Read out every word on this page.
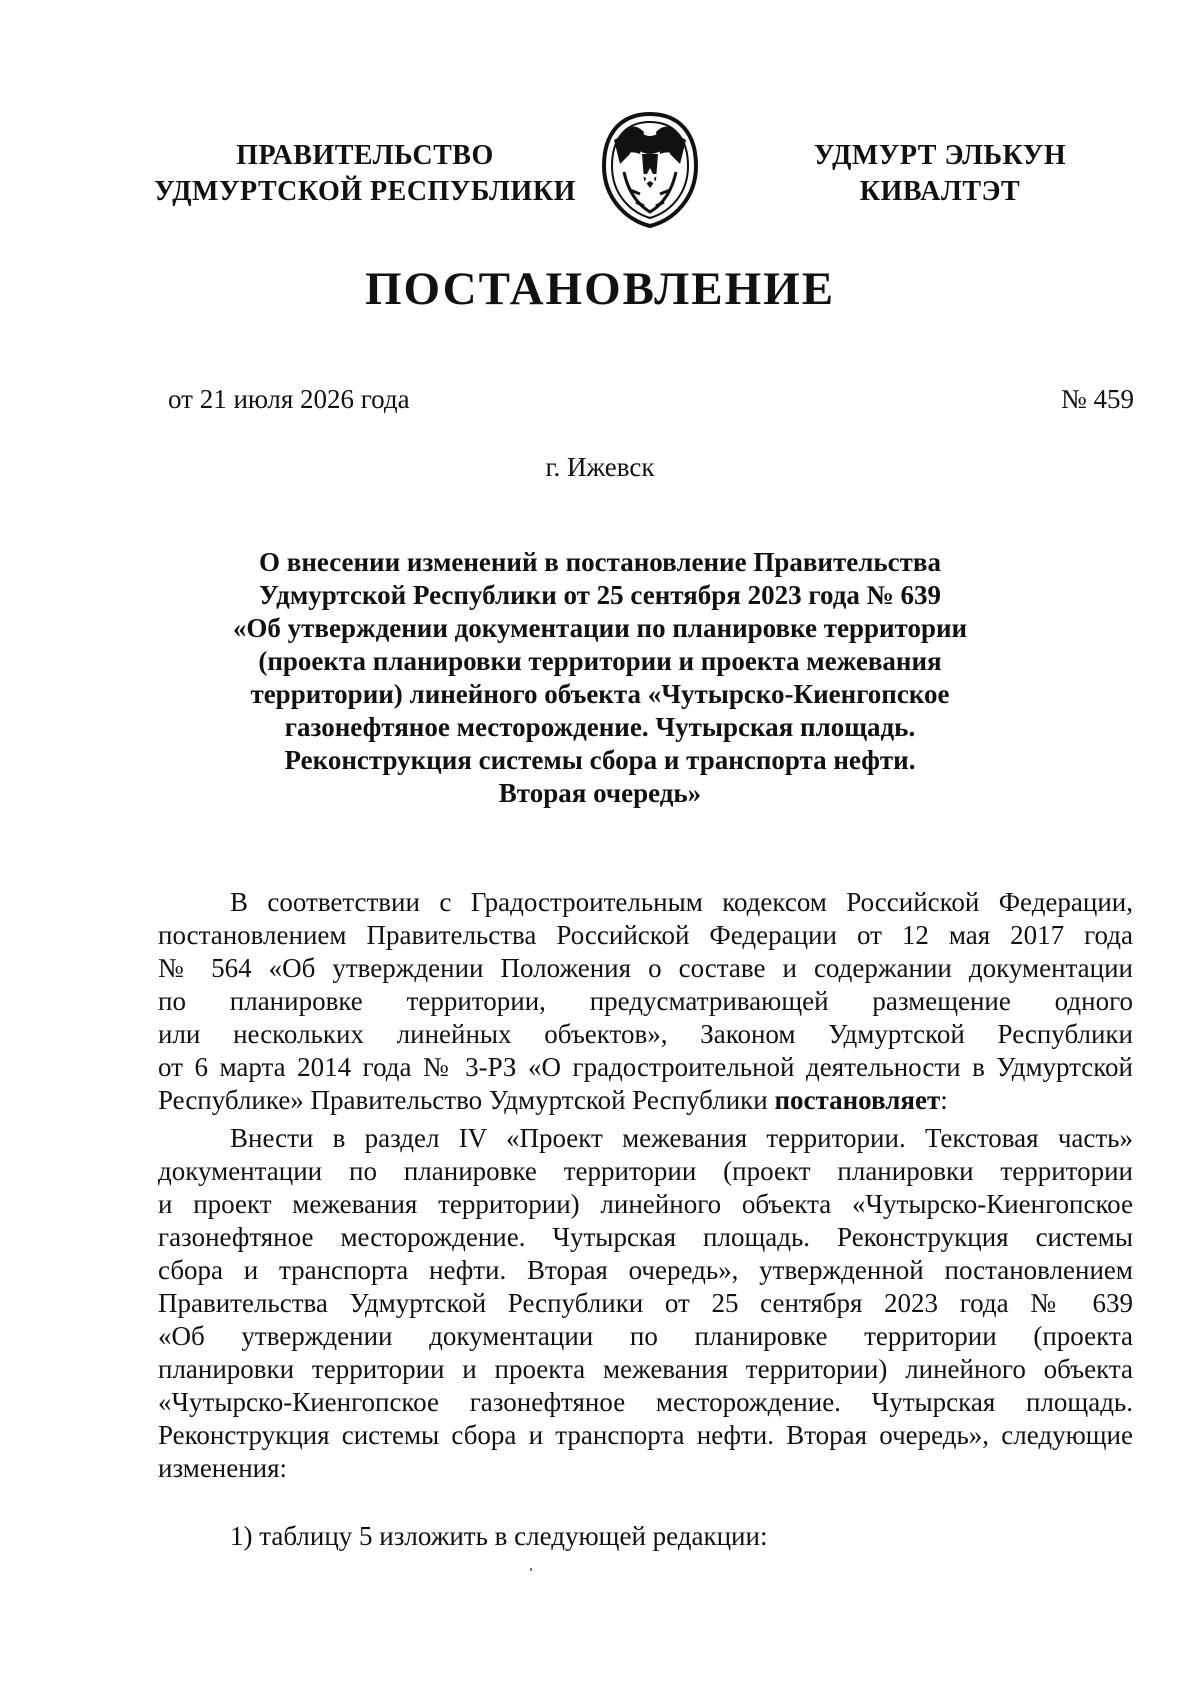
ПРАВИТЕЛЬСТВО
УДМУРТСКОЙ РЕСПУБЛИКИ
УДМУРТ ЭЛЬКУН
КИВАЛТЭТ
ПОСТАНОВЛЕНИЕ
от 21 июля 2026 года	№ 459
г. Ижевск
О внесении изменений в постановление Правительства
Удмуртской Республики от 25 сентября 2023 года № 639
«Об утверждении документации по планировке территории
(проекта планировки территории и проекта межевания
территории) линейного объекта «Чутырско-Киенгопское
газонефтяное месторождение. Чутырская площадь.
Реконструкция системы сбора и транспорта нефти.
Вторая очередь»
В соответствии с Градостроительным кодексом Российской Федерации,
постановлением Правительства Российской Федерации от 12 мая 2017 года
№ 564 «Об утверждении Положения о составе и содержании документации
по планировке территории, предусматривающей размещение одного
или нескольких линейных объектов», Законом Удмуртской Республики
от 6 марта 2014 года № 3-РЗ «О градостроительной деятельности в Удмуртской
Республике» Правительство Удмуртской Республики постановляет:
Внести в раздел IV «Проект межевания территории. Текстовая часть»
документации по планировке территории (проект планировки территории
и проект межевания территории) линейного объекта «Чутырско-Киенгопское
газонефтяное месторождение. Чутырская площадь. Реконструкция системы
сбора и транспорта нефти. Вторая очередь», утвержденной постановлением
Правительства Удмуртской Республики от 25 сентября 2023 года № 639
«Об утверждении документации по планировке территории (проекта
планировки территории и проекта межевания территории) линейного объекта
«Чутырско-Киенгопское газонефтяное месторождение. Чутырская площадь.
Реконструкция системы сбора и транспорта нефти. Вторая очередь», следующие
изменения:
1) таблицу 5 изложить в следующей редакции:
